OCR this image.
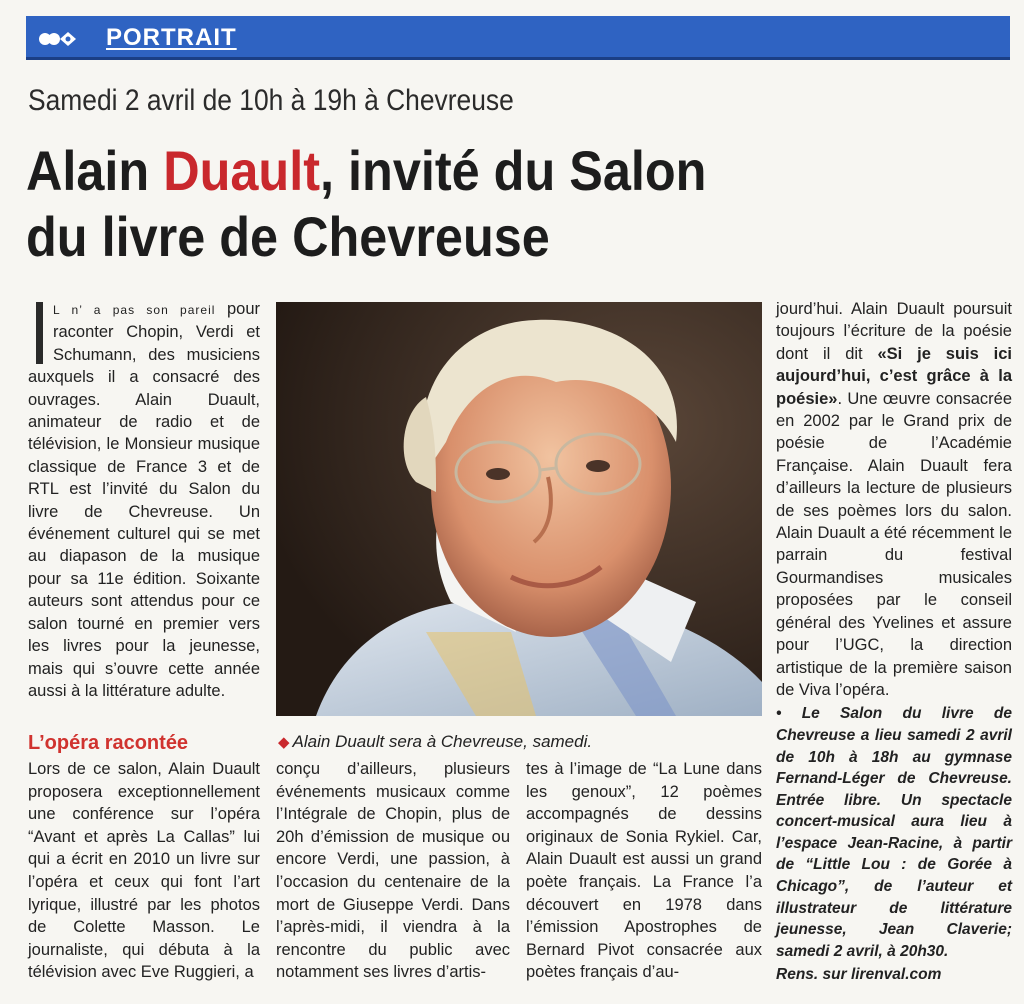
PORTRAIT
Samedi 2 avril de 10h à 19h à Chevreuse
Alain Duault, invité du Salon
du livre de Chevreuse

L n’ a pas son pareil pour raconter Chopin, Verdi et Schumann, des musiciens auxquels il a consacré des ouvrages. Alain Duault, animateur de radio et de télévision, le Monsieur musique classique de France 3 et de RTL est l’invité du Salon du livre de Chevreuse. Un événement culturel qui se met au diapason de la musique pour sa 11e édition. Soixante auteurs sont attendus pour ce salon tourné en premier vers les livres pour la jeunesse, mais qui s’ouvre cette année aussi à la littérature adulte.

jourd’hui. Alain Duault poursuit toujours l’écriture de la poésie dont il dit «Si je suis ici aujourd’hui, c’est grâce à la poésie». Une œuvre consacrée en 2002 par le Grand prix de poésie de l’Académie Française. Alain Duault fera d’ailleurs la lecture de plusieurs de ses poèmes lors du salon. Alain Duault a été récemment le parrain du festival Gourmandises musicales proposées par le conseil général des Yvelines et assure pour l’UGC, la direction artistique de la première saison de Viva l’opéra.

• Le Salon du livre de Chevreuse a lieu samedi 2 avril de 10h à 18h au gymnase Fernand-Léger de Chevreuse. Entrée libre. Un spectacle concert-musical aura lieu à l’espace Jean-Racine, à partir de “Little Lou : de Gorée à Chicago”, de l’auteur et illustrateur de littérature jeunesse, Jean Claverie; samedi 2 avril, à 20h30.

Rens. sur lirenval.com

◆ Alain Duault sera à Chevreuse, samedi.
L’opéra racontée
Lors de ce salon, Alain Duault proposera exceptionnellement une conférence sur l’opéra “Avant et après La Callas” lui qui a écrit en 2010 un livre sur l’opéra et ceux qui font l’art lyrique, illustré par les photos de Colette Masson. Le journaliste, qui débuta à la télévision avec Eve Ruggieri, a
conçu d’ailleurs, plusieurs événements musicaux comme l’Intégrale de Chopin, plus de 20h d’émission de musique ou encore Verdi, une passion, à l’occasion du centenaire de la mort de Giuseppe Verdi. Dans l’après-midi, il viendra à la rencontre du public avec notamment ses livres d’artis-
tes à l’image de “La Lune dans les genoux”, 12 poèmes accompagnés de dessins originaux de Sonia Rykiel. Car, Alain Duault est aussi un grand poète français. La France l’a découvert en 1978 dans l’émission Apostrophes de Bernard Pivot consacrée aux poètes français d’au-
